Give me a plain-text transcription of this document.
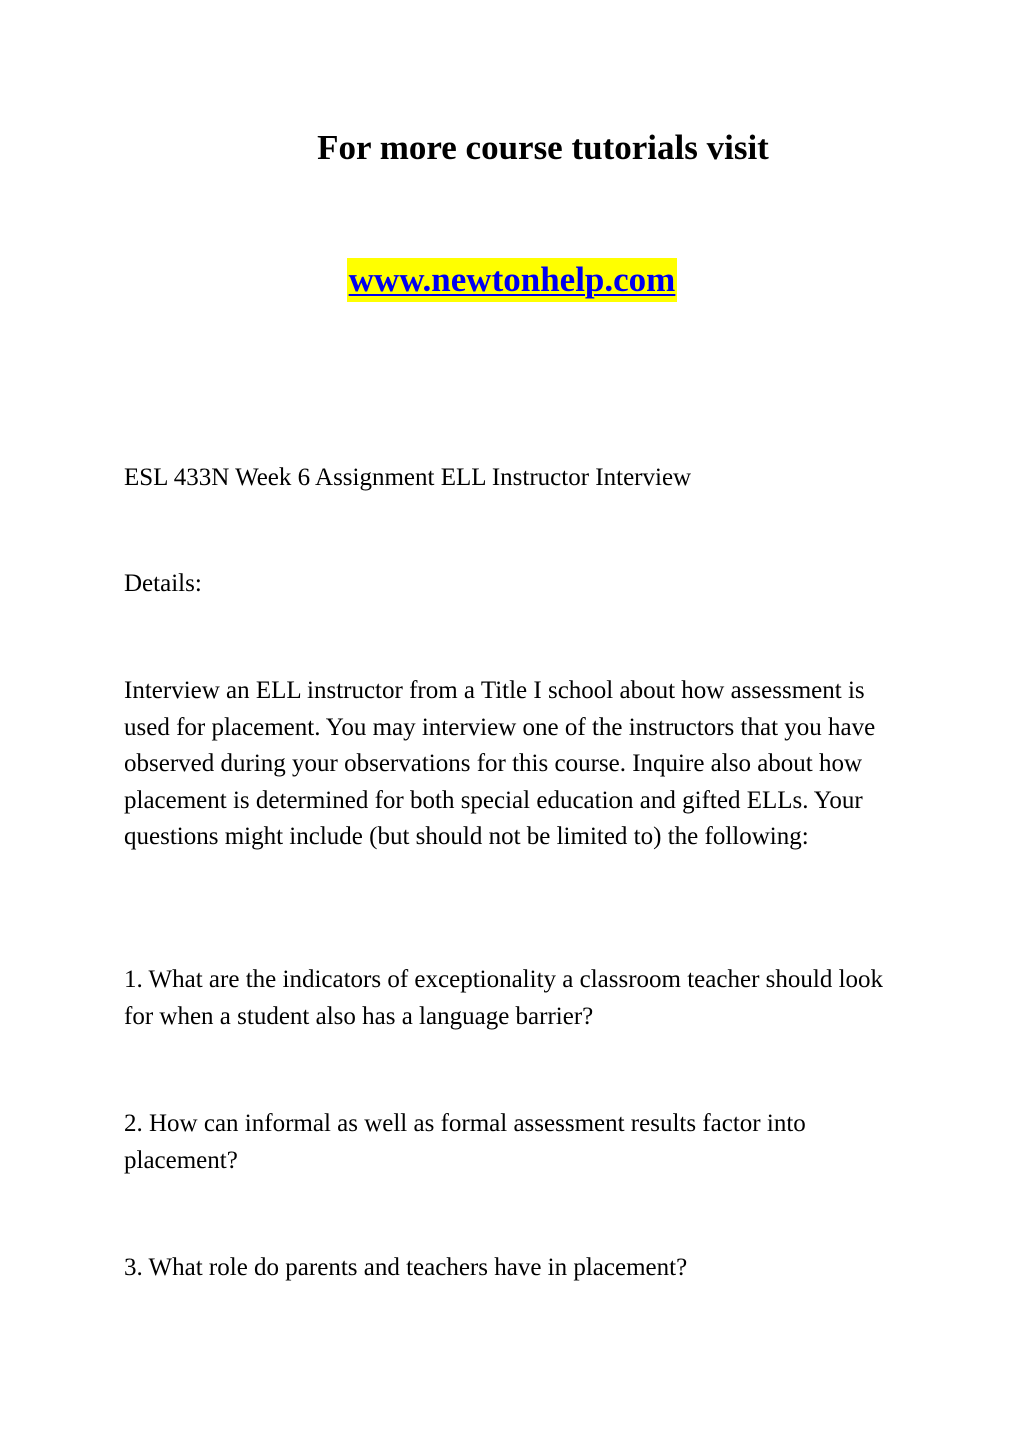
For more course tutorials visit
www.newtonhelp.com

ESL 433N Week 6 Assignment ELL Instructor Interview

Details:

Interview an ELL instructor from a Title I school about how assessment is used for placement. You may interview one of the instructors that you have observed during your observations for this course. Inquire also about how placement is determined for both special education and gifted ELLs. Your questions might include (but should not be limited to) the following:

1. What are the indicators of exceptionality a classroom teacher should look for when a student also has a language barrier?

2. How can informal as well as formal assessment results factor into placement?

3. What role do parents and teachers have in placement?
